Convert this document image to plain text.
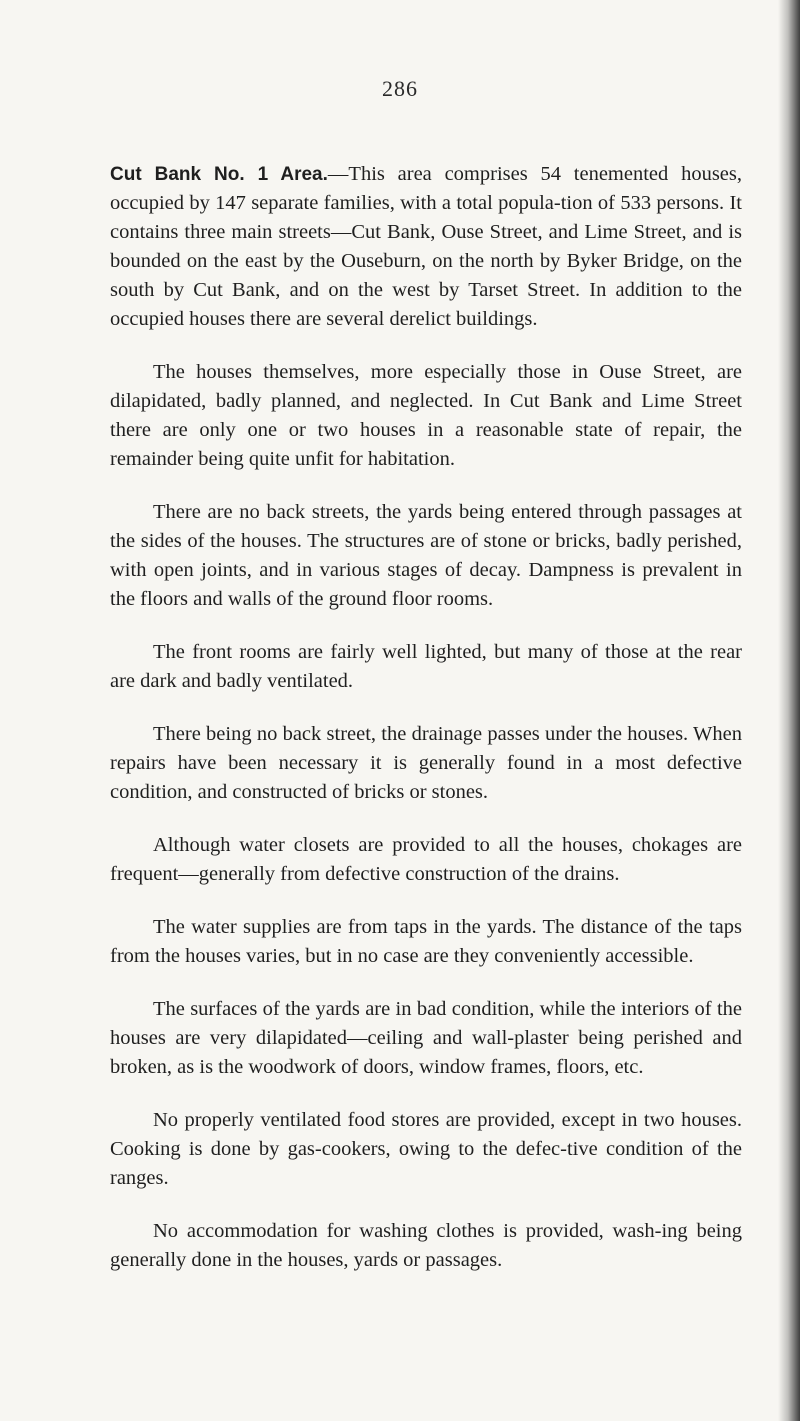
286

Cut Bank No. 1 Area.—This area comprises 54 tenemented houses, occupied by 147 separate families, with a total popula-tion of 533 persons. It contains three main streets—Cut Bank, Ouse Street, and Lime Street, and is bounded on the east by the Ouseburn, on the north by Byker Bridge, on the south by Cut Bank, and on the west by Tarset Street. In addition to the occupied houses there are several derelict buildings.

The houses themselves, more especially those in Ouse Street, are dilapidated, badly planned, and neglected. In Cut Bank and Lime Street there are only one or two houses in a reasonable state of repair, the remainder being quite unfit for habitation.

There are no back streets, the yards being entered through passages at the sides of the houses. The structures are of stone or bricks, badly perished, with open joints, and in various stages of decay. Dampness is prevalent in the floors and walls of the ground floor rooms.

The front rooms are fairly well lighted, but many of those at the rear are dark and badly ventilated.

There being no back street, the drainage passes under the houses. When repairs have been necessary it is generally found in a most defective condition, and constructed of bricks or stones.

Although water closets are provided to all the houses, chokages are frequent—generally from defective construction of the drains.

The water supplies are from taps in the yards. The distance of the taps from the houses varies, but in no case are they conveniently accessible.

The surfaces of the yards are in bad condition, while the interiors of the houses are very dilapidated—ceiling and wall-plaster being perished and broken, as is the woodwork of doors, window frames, floors, etc.

No properly ventilated food stores are provided, except in two houses. Cooking is done by gas-cookers, owing to the defec-tive condition of the ranges.

No accommodation for washing clothes is provided, wash-ing being generally done in the houses, yards or passages.
